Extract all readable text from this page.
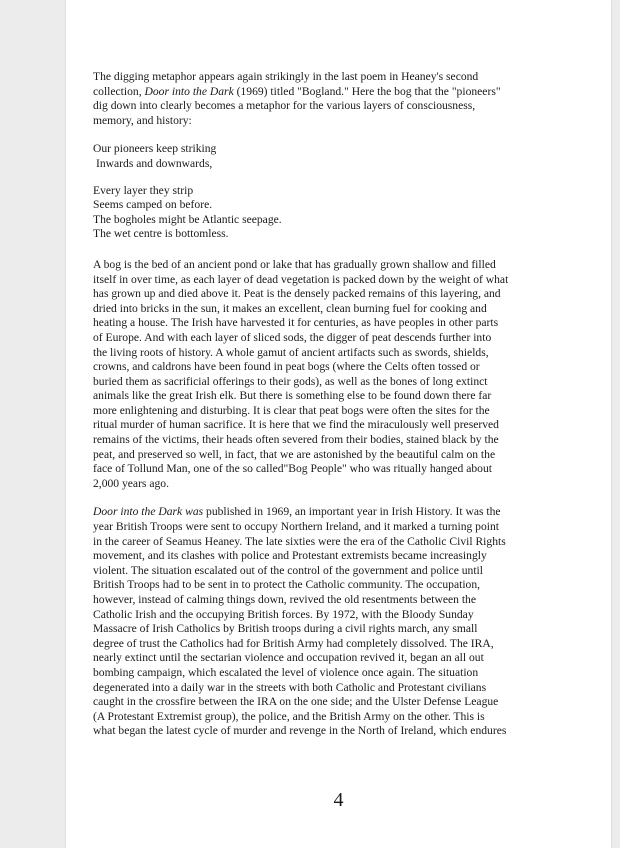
The digging metaphor appears again strikingly in the last poem in Heaney's second
collection, Door into the Dark (1969) titled "Bogland." Here the bog that the "pioneers"
dig down into clearly becomes a metaphor for the various layers of consciousness,
memory, and history:
Our pioneers keep striking
Inwards and downwards,
Every layer they strip
Seems camped on before.
The bogholes might be Atlantic seepage.
The wet centre is bottomless.
A bog is the bed of an ancient pond or lake that has gradually grown shallow and filled
itself in over time, as each layer of dead vegetation is packed down by the weight of what
has grown up and died above it. Peat is the densely packed remains of this layering, and
dried into bricks in the sun, it makes an excellent, clean burning fuel for cooking and
heating a house. The Irish have harvested it for centuries, as have peoples in other parts
of Europe. And with each layer of sliced sods, the digger of peat descends further into
the living roots of history. A whole gamut of ancient artifacts such as swords, shields,
crowns, and caldrons have been found in peat bogs (where the Celts often tossed or
buried them as sacrificial offerings to their gods), as well as the bones of long extinct
animals like the great Irish elk. But there is something else to be found down there far
more enlightening and disturbing. It is clear that peat bogs were often the sites for the
ritual murder of human sacrifice. It is here that we find the miraculously well preserved
remains of the victims, their heads often severed from their bodies, stained black by the
peat, and preserved so well, in fact, that we are astonished by the beautiful calm on the
face of Tollund Man, one of the so called"Bog People" who was ritually hanged about
2,000 years ago.
Door into the Dark was published in 1969, an important year in Irish History. It was the
year British Troops were sent to occupy Northern Ireland, and it marked a turning point
in the career of Seamus Heaney. The late sixties were the era of the Catholic Civil Rights
movement, and its clashes with police and Protestant extremists became increasingly
violent. The situation escalated out of the control of the government and police until
British Troops had to be sent in to protect the Catholic community. The occupation,
however, instead of calming things down, revived the old resentments between the
Catholic Irish and the occupying British forces. By 1972, with the Bloody Sunday
Massacre of Irish Catholics by British troops during a civil rights march, any small
degree of trust the Catholics had for British Army had completely dissolved. The IRA,
nearly extinct until the sectarian violence and occupation revived it, began an all out
bombing campaign, which escalated the level of violence once again. The situation
degenerated into a daily war in the streets with both Catholic and Protestant civilians
caught in the crossfire between the IRA on the one side; and the Ulster Defense League
(A Protestant Extremist group), the police, and the British Army on the other. This is
what began the latest cycle of murder and revenge in the North of Ireland, which endures
4
